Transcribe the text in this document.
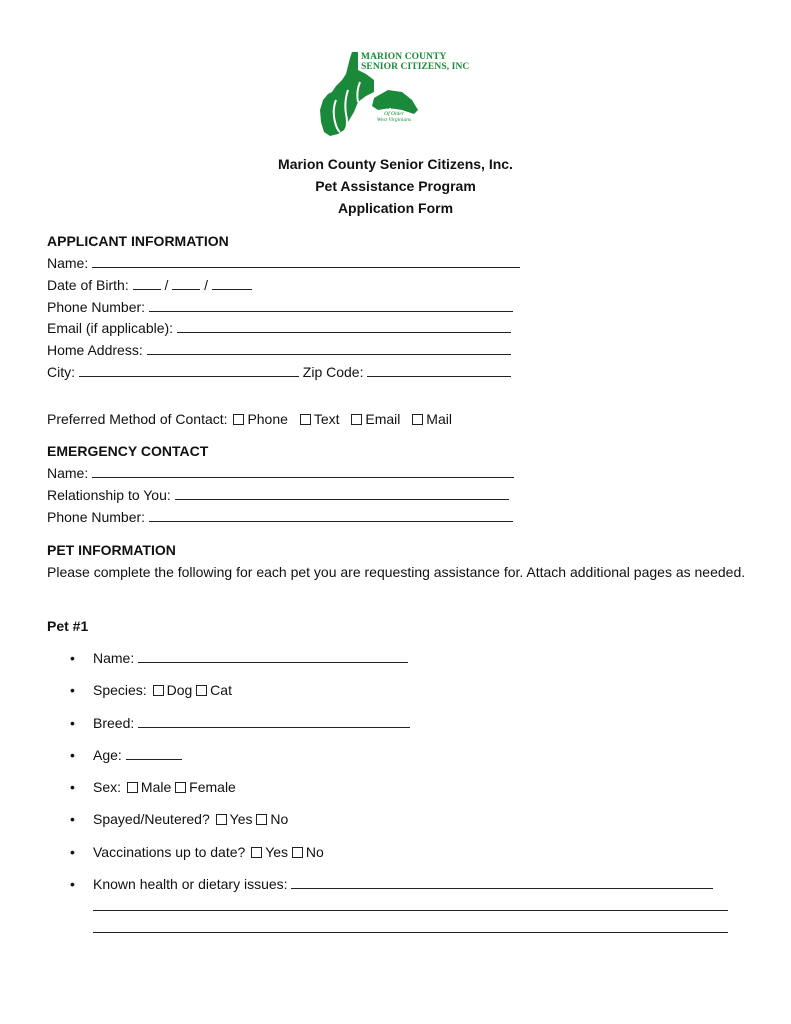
MARION COUNTY
SENIOR CITIZENS, INC
On Behalf
Of Older
West Virginians
Marion County Senior Citizens, Inc.
Pet Assistance Program
Application Form
APPLICANT INFORMATION
Name:
Date of Birth:  /  /
Phone Number:
Email (if applicable):
Home Address:
City:	Zip Code:
Preferred Method of Contact: Phone Text Email Mail
EMERGENCY CONTACT
Name:
Relationship to You:
Phone Number:
PET INFORMATION
Please complete the following for each pet you are requesting assistance for. Attach additional pages as needed.
Pet #1
• Name:
• Species: Dog Cat
• Breed:
• Age:
• Sex: Male Female
• Spayed/Neutered? Yes No
• Vaccinations up to date? Yes No
• Known health or dietary issues:
